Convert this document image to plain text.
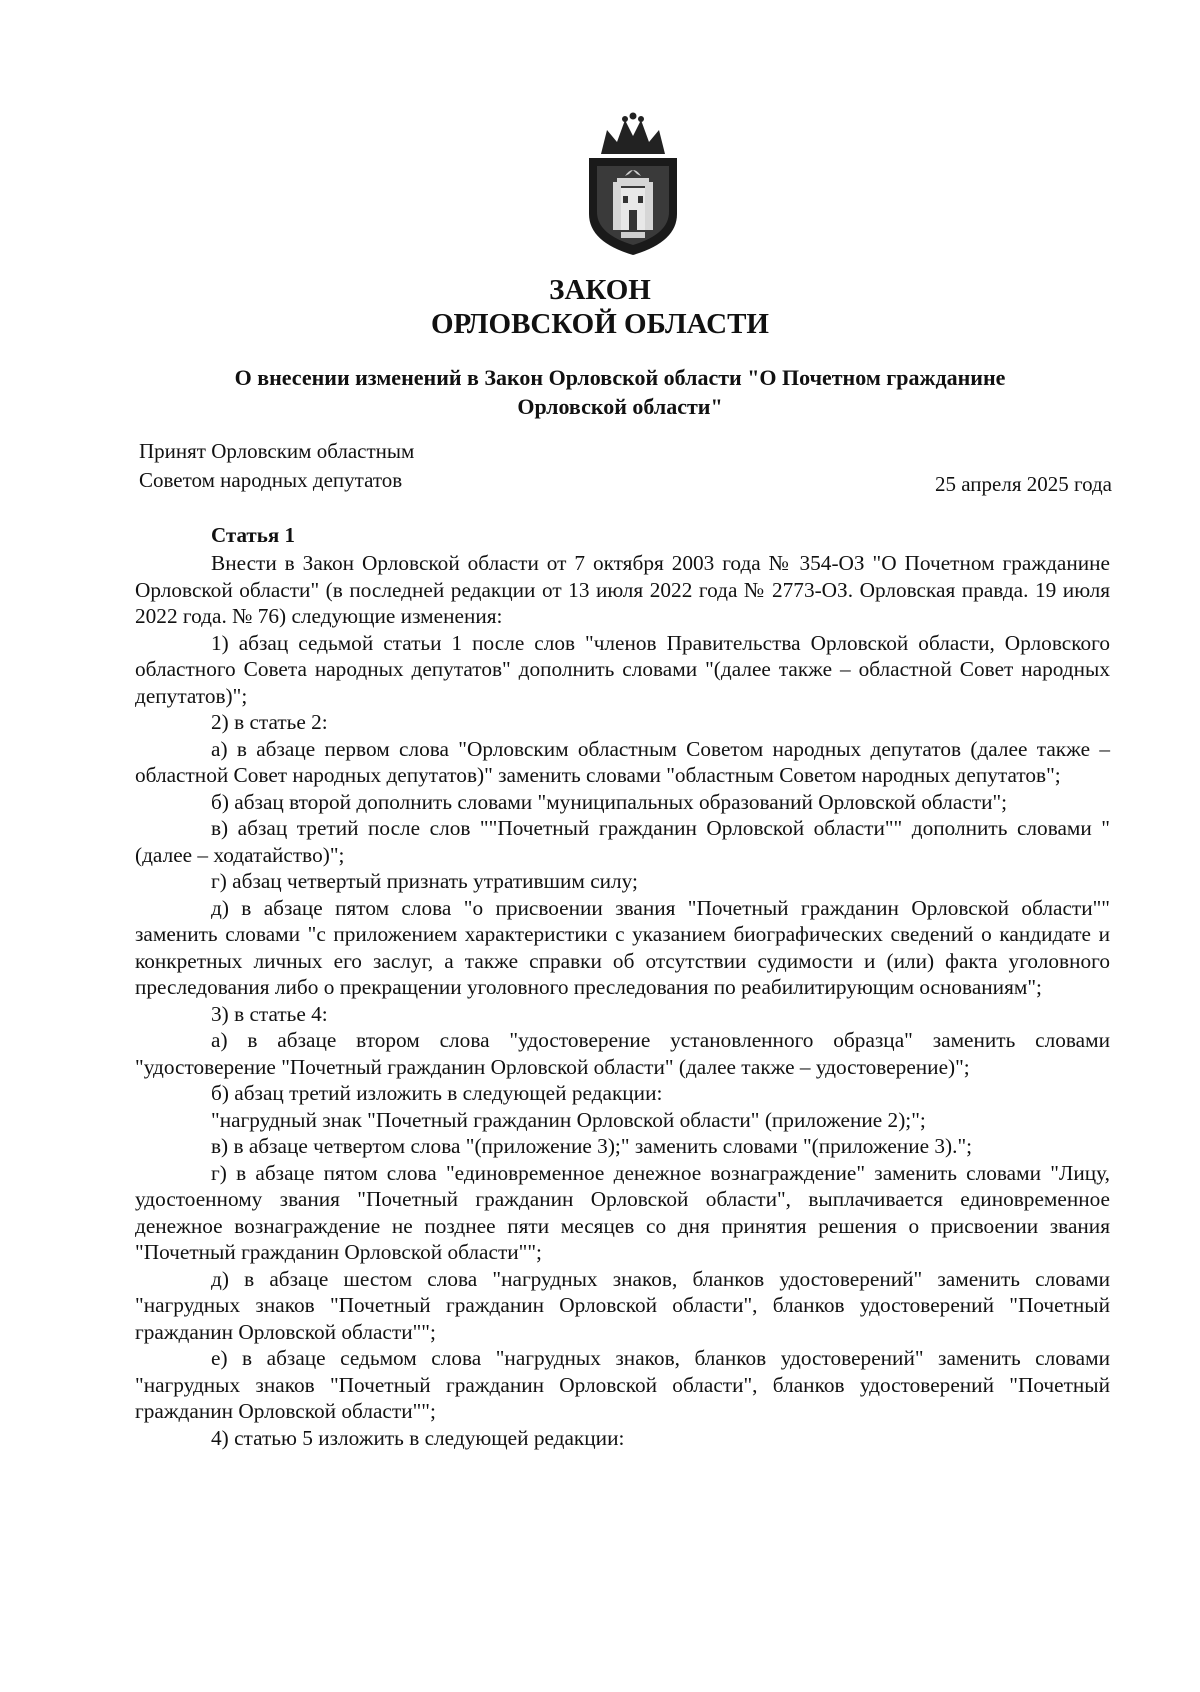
ЗАКОН
ОРЛОВСКОЙ ОБЛАСТИ
О внесении изменений в Закон Орловской области "О Почетном гражданине Орловской области"
Принят Орловским областным
Советом народных депутатов	25 апреля 2025 года
Статья 1

Внести в Закон Орловской области от 7 октября 2003 года № 354-ОЗ "О Почетном гражданине Орловской области" (в последней редакции от 13 июля 2022 года № 2773-ОЗ. Орловская правда. 19 июля 2022 года. № 76) следующие изменения:

1) абзац седьмой статьи 1 после слов "членов Правительства Орловской области, Орловского областного Совета народных депутатов" дополнить словами "(далее также – областной Совет народных депутатов)";

2) в статье 2:

а) в абзаце первом слова "Орловским областным Советом народных депутатов (далее также – областной Совет народных депутатов)" заменить словами "областным Советом народных депутатов";

б) абзац второй дополнить словами "муниципальных образований Орловской области";

в) абзац третий после слов ""Почетный гражданин Орловской области"" дополнить словами "(далее – ходатайство)";

г) абзац четвертый признать утратившим силу;

д) в абзаце пятом слова "о присвоении звания "Почетный гражданин Орловской области"" заменить словами "с приложением характеристики с указанием биографических сведений о кандидате и конкретных личных его заслуг, а также справки об отсутствии судимости и (или) факта уголовного преследования либо о прекращении уголовного преследования по реабилитирующим основаниям";

3) в статье 4:

а) в абзаце втором слова "удостоверение установленного образца" заменить словами "удостоверение "Почетный гражданин Орловской области" (далее также – удостоверение)";

б) абзац третий изложить в следующей редакции:

"нагрудный знак "Почетный гражданин Орловской области" (приложение 2);";

в) в абзаце четвертом слова "(приложение 3);" заменить словами "(приложение 3).";

г) в абзаце пятом слова "единовременное денежное вознаграждение" заменить словами "Лицу, удостоенному звания "Почетный гражданин Орловской области", выплачивается единовременное денежное вознаграждение не позднее пяти месяцев со дня принятия решения о присвоении звания "Почетный гражданин Орловской области"";

д) в абзаце шестом слова "нагрудных знаков, бланков удостоверений" заменить словами "нагрудных знаков "Почетный гражданин Орловской области", бланков удостоверений "Почетный гражданин Орловской области"";

е) в абзаце седьмом слова "нагрудных знаков, бланков удостоверений" заменить словами "нагрудных знаков "Почетный гражданин Орловской области", бланков удостоверений "Почетный гражданин Орловской области"";

4) статью 5 изложить в следующей редакции:
